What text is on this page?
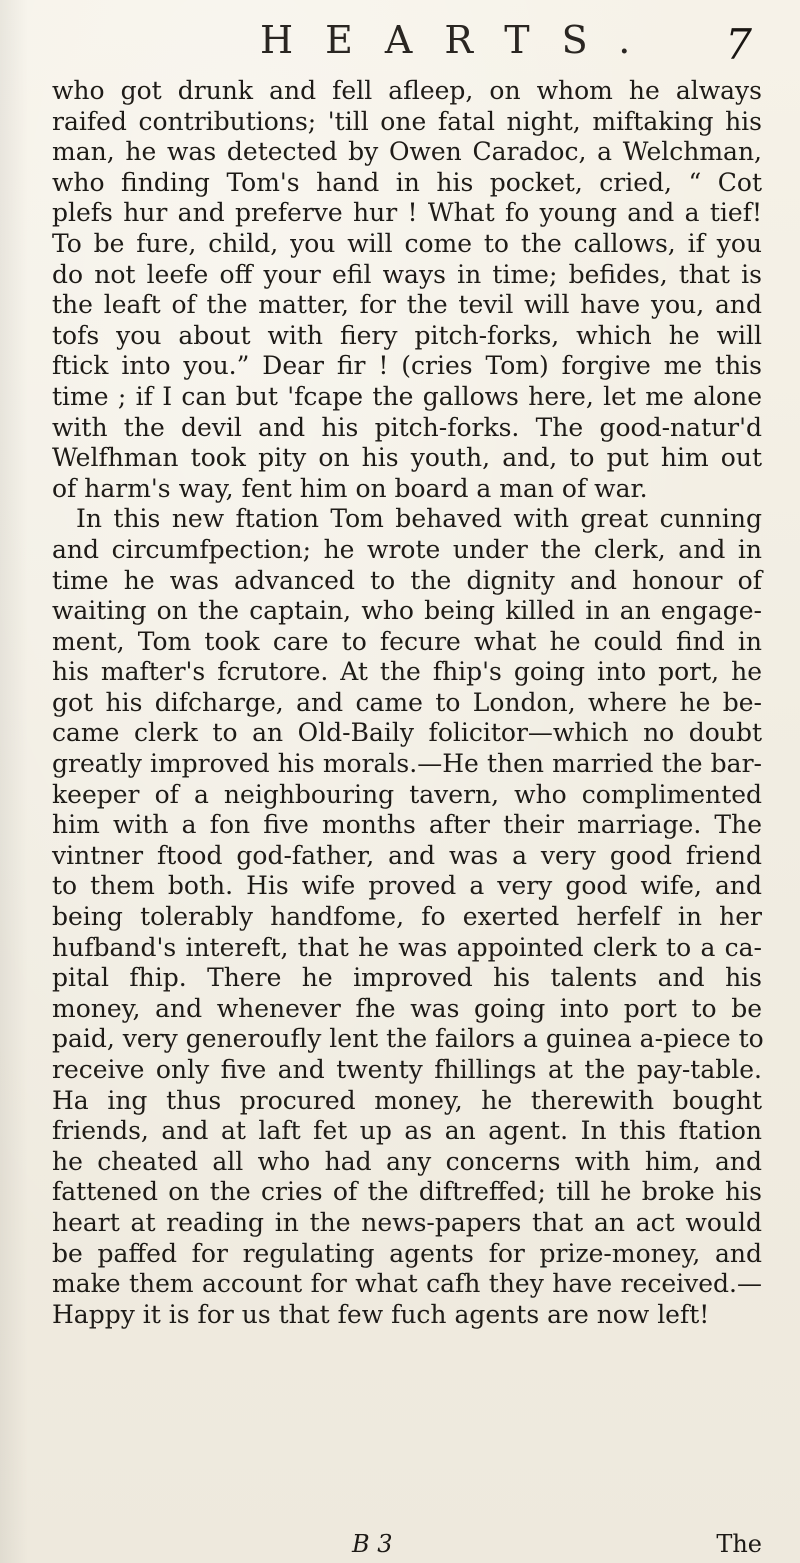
HEARTS. 7
who got drunk and fell afleep, on whom he always
raifed contributions; 'till one fatal night, miftaking his
man, he was detected by Owen Caradoc, a Welchman,
who finding Tom's hand in his pocket, cried, “ Cot
plefs hur and preferve hur ! What fo young and a tief!
To be fure, child, you will come to the callows, if you
do not leefe off your efil ways in time; befides, that is
the leaft of the matter, for the tevil will have you, and
tofs you about with fiery pitch-forks, which he will
ftick into you.” Dear fir ! (cries Tom) forgive me this
time ; if I can but 'fcape the gallows here, let me alone
with the devil and his pitch-forks. The good-natur'd
Welfhman took pity on his youth, and, to put him out
of harm's way, fent him on board a man of war.
In this new ftation Tom behaved with great cunning
and circumfpection; he wrote under the clerk, and in
time he was advanced to the dignity and honour of
waiting on the captain, who being killed in an engage-
ment, Tom took care to fecure what he could find in
his mafter's fcrutore. At the fhip's going into port, he
got his difcharge, and came to London, where he be-
came clerk to an Old-Baily folicitor—which no doubt
greatly improved his morals.—He then married the bar-
keeper of a neighbouring tavern, who complimented
him with a fon five months after their marriage. The
vintner ftood god-father, and was a very good friend
to them both. His wife proved a very good wife, and
being tolerably handfome, fo exerted herfelf in her
hufband's intereft, that he was appointed clerk to a ca-
pital fhip. There he improved his talents and his
money, and whenever fhe was going into port to be
paid, very generoufly lent the failors a guinea a-piece to
receive only five and twenty fhillings at the pay-table.
Ha ing thus procured money, he therewith bought
friends, and at laft fet up as an agent. In this ftation
he cheated all who had any concerns with him, and
fattened on the cries of the diftreffed; till he broke his
heart at reading in the news-papers that an act would
be paffed for regulating agents for prize-money, and
make them account for what cafh they have received.—
Happy it is for us that few fuch agents are now left!
B 3	The
